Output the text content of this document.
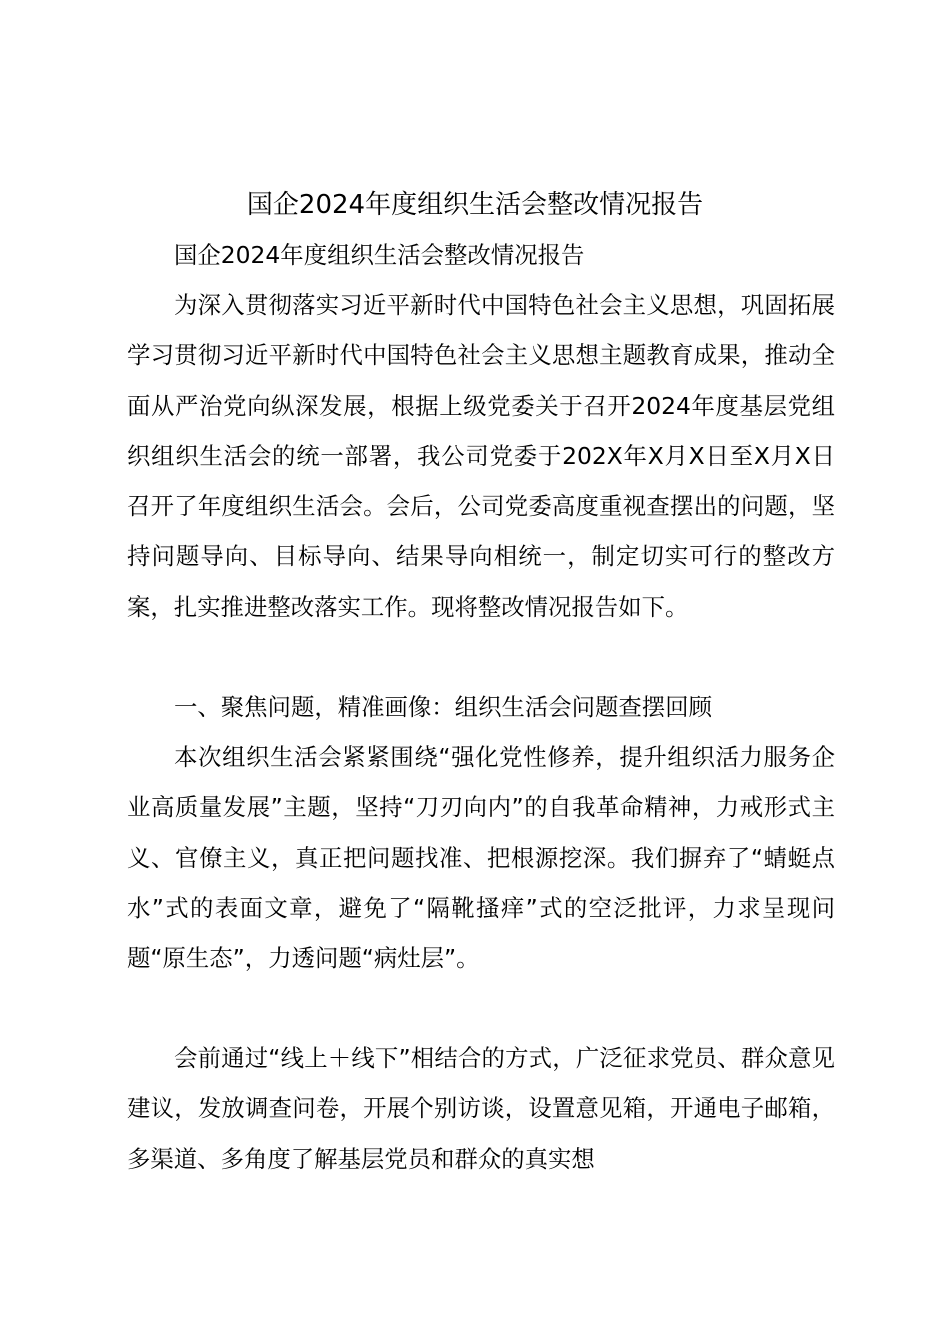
国企2024年度组织生活会整改情况报告
国企2024年度组织生活会整改情况报告
为深入贯彻落实习近平新时代中国特色社会主义思想，巩固拓展学习贯彻习近平新时代中国特色社会主义思想主题教育成果，推动全面从严治党向纵深发展，根据上级党委关于召开2024年度基层党组织组织生活会的统一部署，我公司党委于202X年X月X日至X月X日召开了年度组织生活会。会后，公司党委高度重视查摆出的问题，坚持问题导向、目标导向、结果导向相统一，制定切实可行的整改方案，扎实推进整改落实工作。现将整改情况报告如下。
一、聚焦问题，精准画像：组织生活会问题查摆回顾
本次组织生活会紧紧围绕“强化党性修养，提升组织活力服务企业高质量发展”主题，坚持“刀刃向内”的自我革命精神，力戒形式主义、官僚主义，真正把问题找准、把根源挖深。我们摒弃了“蜻蜓点水”式的表面文章，避免了“隔靴搔痒”式的空泛批评，力求呈现问题“原生态”，力透问题“病灶层”。
会前通过“线上＋线下”相结合的方式，广泛征求党员、群众意见建议，发放调查问卷，开展个别访谈，设置意见箱，开通电子邮箱，多渠道、多角度了解基层党员和群众的真实想
